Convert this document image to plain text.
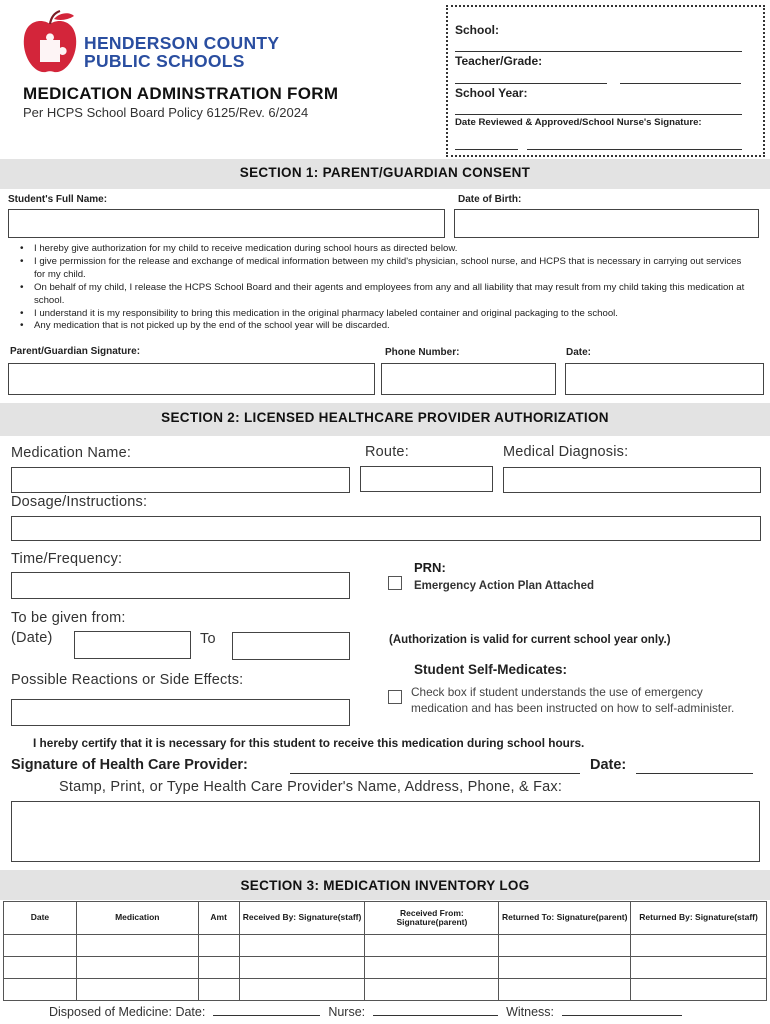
HENDERSON COUNTY
PUBLIC SCHOOLS
MEDICATION ADMINSTRATION FORM
Per HCPS School Board Policy 6125/Rev. 6/2024
School:
Teacher/Grade:
School Year:
Date Reviewed & Approved/School Nurse's Signature:
SECTION 1: PARENT/GUARDIAN CONSENT
Student's Full Name:	Date of Birth:
• I hereby give authorization for my child to receive medication during school hours as directed below.
• I give permission for the release and exchange of medical information between my child's physician, school nurse, and HCPS that is necessary in carrying out services for my child.
• On behalf of my child, I release the HCPS School Board and their agents and employees from any and all liability that may result from my child taking this medication at school.
• I understand it is my responsibility to bring this medication in the original pharmacy labeled container and original packaging to the school.
• Any medication that is not picked up by the end of the school year will be discarded.
Parent/Guardian Signature:	Phone Number:	Date:
SECTION 2: LICENSED HEALTHCARE PROVIDER AUTHORIZATION
Medication Name:	Route:	Medical Diagnosis:
Dosage/Instructions:
Time/Frequency:
PRN:
Emergency Action Plan Attached
To be given from:
(Date)	To	(Authorization is valid for current school year only.)
Student Self-Medicates:
Check box if student understands the use of emergency medication and has been instructed on how to self-administer.
Possible Reactions or Side Effects:
I hereby certify that it is necessary for this student to receive this medication during school hours.
Signature of Health Care Provider:	Date:
Stamp, Print, or Type Health Care Provider's Name, Address, Phone, & Fax:
SECTION 3: MEDICATION INVENTORY LOG
Date	Medication	Amt	Received By: Signature(staff)	Received From: Signature(parent)	Returned To: Signature(parent)	Returned By: Signature(staff)

Disposed of Medicine: Date:	Nurse:	Witness:
